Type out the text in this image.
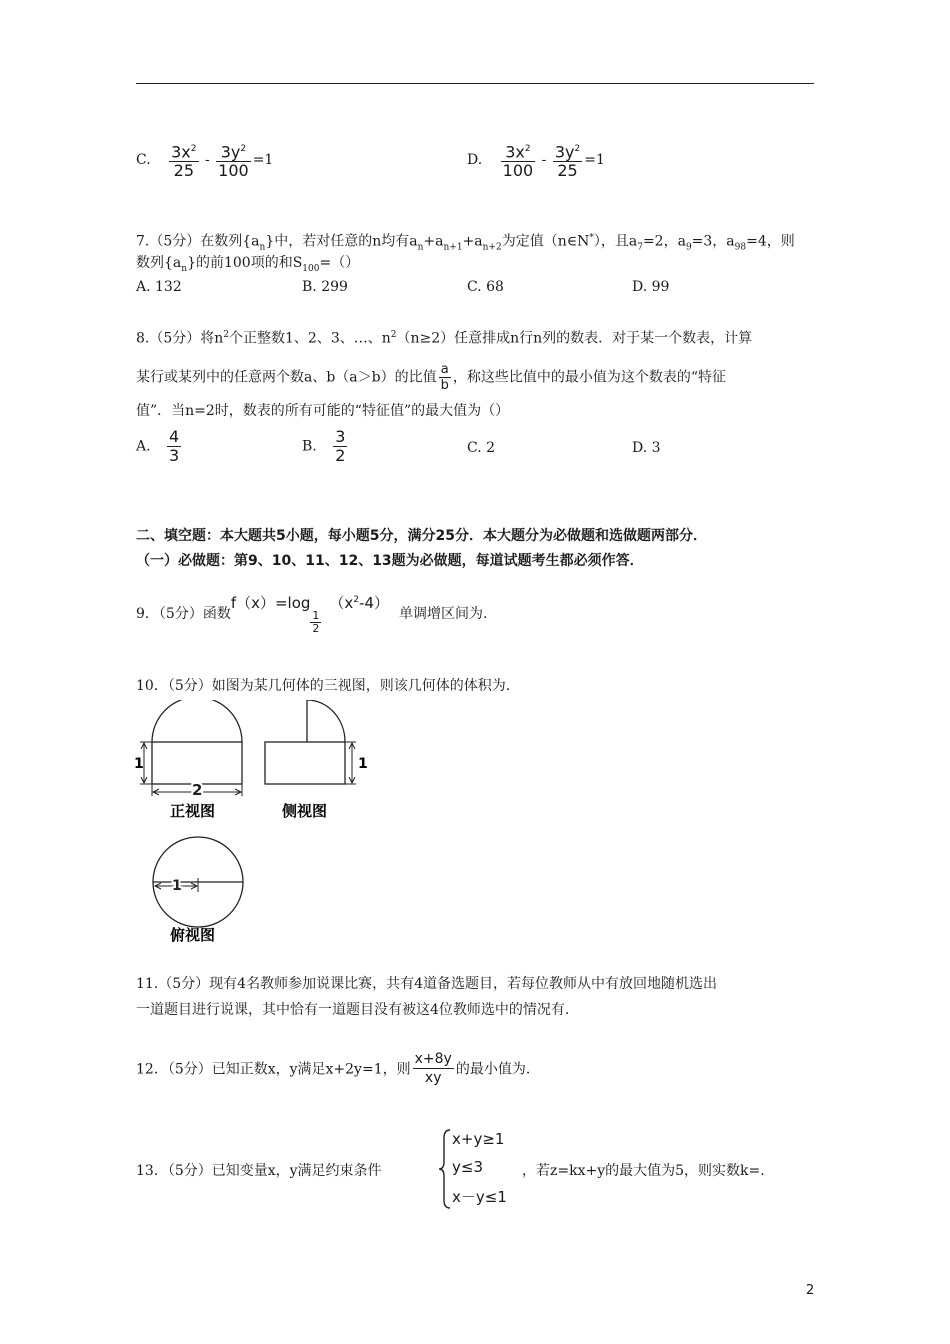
C. $\frac{3x^2}{25} - \frac{3y^2}{100} =1$	D. $\frac{3x^2}{100} - \frac{3y^2}{25} =1$
7.（5分）在数列$\{a_n\}$中，若对任意的n均有$a_n+a_{n+1}+a_{n+2}$为定值（n∈N*），且$a_7=2$，$a_9=3$，$a_{98}=4$，则
数列$\{a_n\}$的前100项的和$S_{100}=()$
A. 132	B. 299	C. 68	D. 99
8.（5分）将$n^2$个正整数1、2、3、…、$n^2(n\ge 2)$任意排成n行n列的数表．对于某一个数表，计算
某行或某列中的任意两个数a、b（a＞b）的比值 $\frac{a}{b}$ ，称这些比值中的最小值为这个数表的“特征
值”．当n=2时，数表的所有可能的“特征值”的最大值为（）
A. $\frac{4}{3}$	B. $\frac{3}{2}$	C. 2	D. 3
二、填空题：本大题共5小题，每小题5分，满分25分．本大题分为必做题和选做题两部分．
（一）必做题：第9、10、11、12、13题为必做题，每道试题考生都必须作答．
9．（5分）函数f（x）=log
$\frac{1}{2}$
$(x^2-4)$单调增区间为.
10．（5分）如图为某几何体的三视图，则该几何体的体积为.
1
2
正视图
1
侧视图
1
俯视图
11.（5分）现有4名教师参加说课比赛，共有4道备选题目，若每位教师从中有放回地随机选出
一道题目进行说课，其中恰有一道题目没有被这4位教师选中的情况有.
12．（5分）已知正数x，y满足x+2y=1，则 $\frac{x+8y}{xy}$ 的最小值为.
13．（5分）已知变量x，y满足约束条件
x+y≥1
y≤3
x－y≤1
，若z=kx+y的最大值为5，则实数k=.
2
